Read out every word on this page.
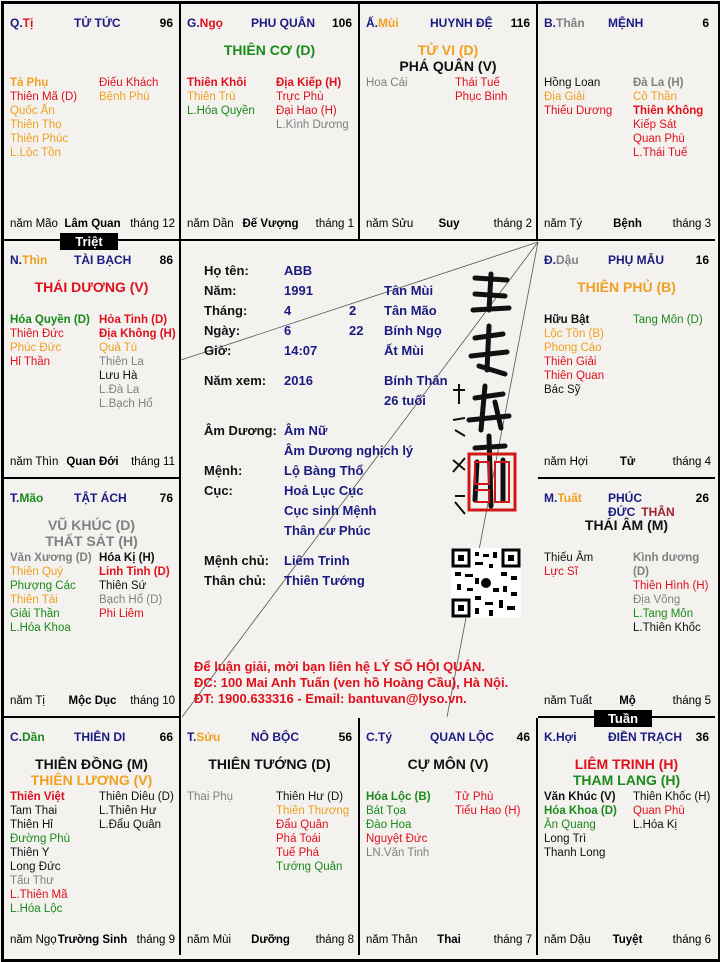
Q.Tị	TỬ TỨC	96
Tả Phụ
Thiên Mã (D)
Quốc Ấn
Thiên Thọ
Thiên Phúc
L.Lộc Tồn
Điếu Khách
Bệnh Phù
Lâm Quan
năm Mão	tháng 12
G.Ngọ PHU QUÂN	106
THIÊN CƠ (D)
Thiên Khôi
Thiên Trù
L.Hóa Quyền
Địa Kiếp (H)
Trực Phù
Đại Hao (H)
L.Kình Dương
Đế Vượng
năm Dần	tháng 1
Ấ.Mùi	HUYNH ĐỆ	116
TỬ VI (D)
PHÁ QUÂN (V)
Hoa Cái	Thái Tuế
Phục Binh
Suy
năm Sửu	tháng 2
B.Thân MỆNH	6
Hồng Loan
Địa Giải
Thiếu Dương
Đà La (H)
Cô Thần
Thiên Không
Kiếp Sát
Quan Phù
L.Thái Tuế
Bệnh
năm Tý	tháng 3
N.Thìn TÀI BẠCH	86
THÁI DƯƠNG (V)
Hóa Quyền (D)
Thiên Đức
Phúc Đức
Hỉ Thần
Hỏa Tinh (D)
Địa Không (H)
Quả Tú
Thiên La
Lưu Hà
L.Đà La
L.Bạch Hổ
Quan Đới
năm Thìn	tháng 11
Đ.Dậu PHỤ MẪU	16
THIÊN PHỦ (B)
Hữu Bật
Lộc Tồn (B)
Phong Cáo
Thiên Giải
Thiên Quan
Bác Sỹ
Tang Môn (D)
Tử
năm Hợi	tháng 4
T.Mão	TẬT ÁCH	76
VŨ KHÚC (D)
THẤT SÁT (H)
Văn Xương (D)
Thiên Quý
Phượng Các
Thiên Tài
Giải Thần
L.Hóa Khoa
Hóa Kị (H)
Linh Tinh (D)
Thiên Sứ
Bạch Hổ (D)
Phi Liêm
Mộc Dục
năm Tị	tháng 10
M.Tuất PHÚC ĐỨC THÂN
26
THÁI ÂM (M)
Thiếu Âm
Lực Sĩ
Kình dương (D)
Thiên Hình (H)
Địa Võng
L.Tang Môn
L.Thiên Khốc
Mộ
năm Tuất	tháng 5
C.Dần THIÊN DI	66
THIÊN ĐỒNG (M)
THIÊN LƯƠNG (V)
Thiên Việt
Tam Thai
Thiên Hỉ
Đường Phù
Thiên Y
Long Đức
Tấu Thư
L.Thiên Mã
L.Hóa Lộc
Thiên Diêu (D)
L.Thiên Hư
L.Đẩu Quân
Trường Sinh
năm Ngọ	tháng 9
T.Sửu	NÔ BỘC	56
THIÊN TƯỚNG (D)
Thai Phụ	Thiên Hư (D)
Thiên Thương
Đẩu Quân
Phá Toái
Tuế Phá
Tướng Quân
Dưỡng
năm Mùi	tháng 8
C.Tý	QUAN LỘC	46
CỰ MÔN (V)
Hóa Lộc (B)
Bát Tọa
Đào Hoa
Nguyệt Đức
LN.Văn Tinh
Tử Phù
Tiểu Hao (H)
Thai
năm Thân	tháng 7
K.Hợi	ĐIỀN TRẠCH	36
LIÊM TRINH (H)
THAM LANG (H)
Văn Khúc (V)
Hóa Khoa (D)
Ân Quang
Long Trì
Thanh Long
Thiên Khốc (H)
Quan Phù
L.Hóa Kị
Tuyệt
năm Dậu	tháng 6
Họ tên:	ABB
Năm:	1991	Tân Mùi
Tháng:	4	2 Tân Mão
Ngày:	6	22 Bính Ngọ
Giờ:	14:07	Ất Mùi
Năm xem: 2016	Bính Thân
26 tuổi
Âm Dương: Âm Nữ
Âm Dương nghịch lý
Mệnh:	Lộ Bàng Thổ
Cục:	Hoả Lục Cục
Cục sinh Mệnh
Thân cư Phúc
Mệnh chủ: Liêm Trinh
Thân chủ: Thiên Tướng
Để luận giải, mời bạn liên hệ LÝ SỐ HỘI QUÁN.
ĐC: 100 Mai Anh Tuấn (ven hồ Hoàng Cầu), Hà Nội.
ĐT: 1900.633316 - Email: bantuvan@lyso.vn.
Triệt
Tuần
